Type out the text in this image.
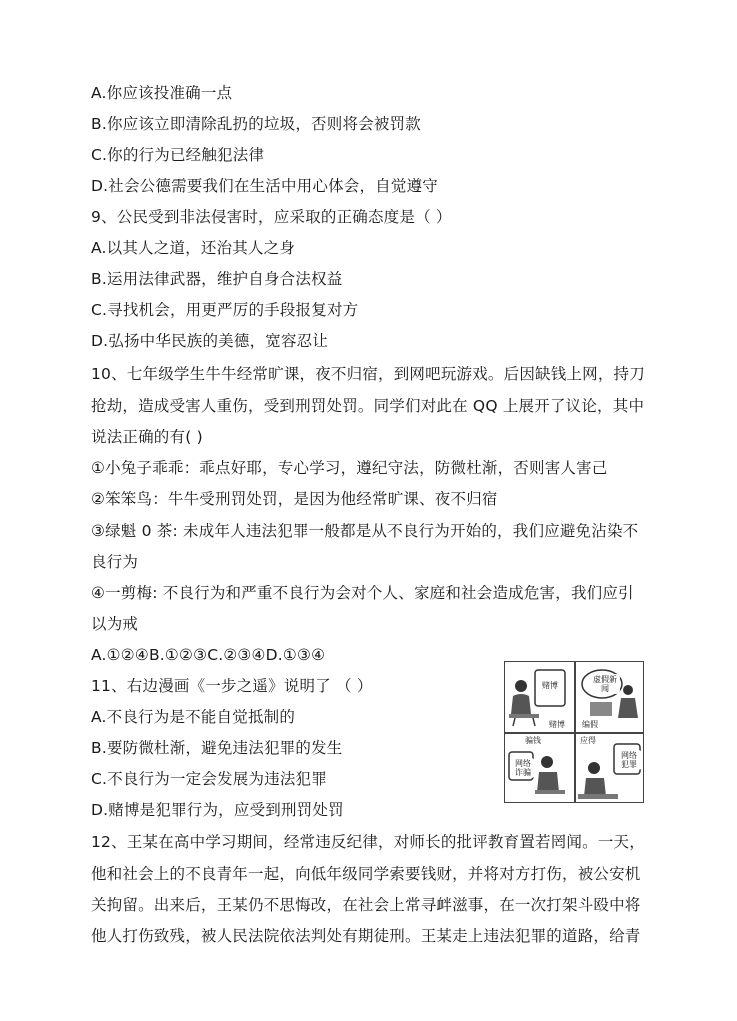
A.你应该投准确一点
B.你应该立即清除乱扔的垃圾，否则将会被罚款
C.你的行为已经触犯法律
D.社会公德需要我们在生活中用心体会，自觉遵守
9、公民受到非法侵害时，应采取的正确态度是（ ）
A.以其人之道，还治其人之身
B.运用法律武器，维护自身合法权益
C.寻找机会，用更严厉的手段报复对方
D.弘扬中华民族的美德，宽容忍让
10、七年级学生牛牛经常旷课，夜不归宿，到网吧玩游戏。后因缺钱上网，持刀
抢劫，造成受害人重伤，受到刑罚处罚。同学们对此在 QQ 上展开了议论，其中
说法正确的有( )
①小兔子乖乖：乖点好耶，专心学习，遵纪守法，防微杜渐，否则害人害己
②笨笨鸟：牛牛受刑罚处罚，是因为他经常旷课、夜不归宿
③绿魁 0 茶: 未成年人违法犯罪一般都是从不良行为开始的，我们应避免沾染不
良行为
④一剪梅: 不良行为和严重不良行为会对个人、家庭和社会造成危害，我们应引
以为戒
A.①②④B.①②③C.②③④D.①③④
11、右边漫画《一步之遥》说明了 （ ）
A.不良行为是不能自觉抵制的
B.要防微杜渐，避免违法犯罪的发生
C.不良行为一定会发展为违法犯罪
D.赌博是犯罪行为，应受到刑罚处罚
12、王某在高中学习期间，经常违反纪律，对师长的批评教育置若罔闻。一天，
他和社会上的不良青年一起，向低年级同学索要钱财，并将对方打伤，被公安机
关拘留。出来后，王某仍不思悔改，在社会上常寻衅滋事，在一次打架斗殴中将
他人打伤致残，被人民法院依法判处有期徒刑。王某走上违法犯罪的道路，给青
赌博
赌博
虚假新闻
编假
骗钱
网络诈骗
应得
网络犯罪
